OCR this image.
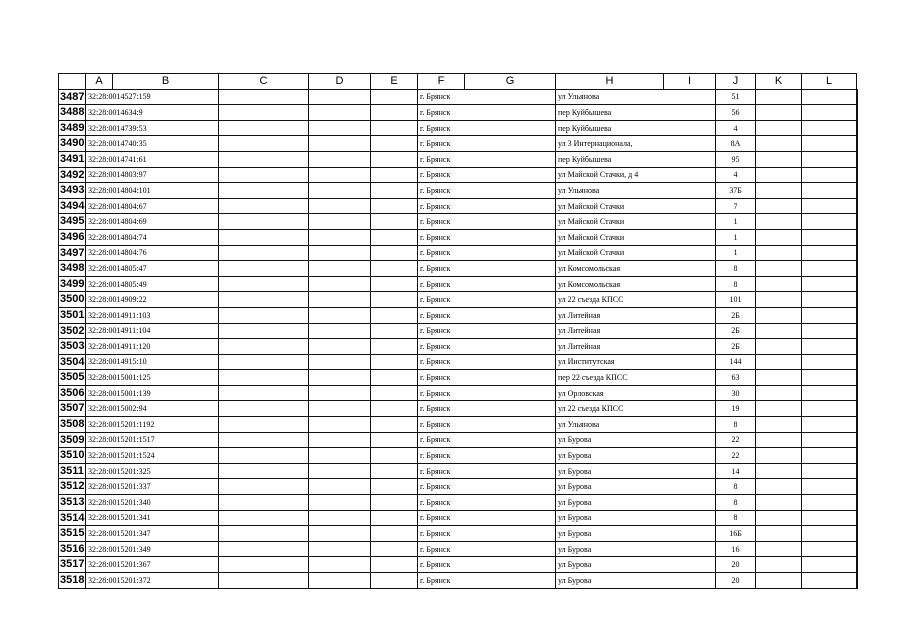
	A	B	C	D	E	F	G	H	I	J	K	L	

3487	32:28:0014527:159					г. Брянск		ул Ульянова		51			

3488	32:28:0014634:9					г. Брянск		пер Куйбышева		56			

3489	32:28:0014739:53					г. Брянск		пер Куйбышева		4			

3490	32:28:0014740:35					г. Брянск		ул 3 Интернационала,		8А			

3491	32:28:0014741:61					г. Брянск		пер Куйбышева		95			

3492	32:28:0014803:97					г. Брянск		ул Майской Стачки, д 4		4			

3493	32:28:0014804:101					г. Брянск		ул Ульянова		37Б			

3494	32:28:0014804:67					г. Брянск		ул Майской Стачки		7			

3495	32:28:0014804:69					г. Брянск		ул Майской Стачки		1			

3496	32:28:0014804:74					г. Брянск		ул Майской Стачки		1			

3497	32:28:0014804:76					г. Брянск		ул Майской Стачки		1			

3498	32:28:0014805:47					г. Брянск		ул Комсомольская		8			

3499	32:28:0014805:49					г. Брянск		ул Комсомольская		8			

3500	32:28:0014909:22					г. Брянск		ул 22 съезда КПСС		101			

3501	32:28:0014911:103					г. Брянск		ул Литейная		2Б			

3502	32:28:0014911:104					г. Брянск		ул Литейная		2Б			

3503	32:28:0014911:120					г. Брянск		ул Литейная		2Б			

3504	32:28:0014915:10					г. Брянск		ул Институтская		144			

3505	32:28:0015001:125					г. Брянск		пер 22 съезда КПСС		63			

3506	32:28:0015001:139					г. Брянск		ул Орловская		30			

3507	32:28:0015002:94					г. Брянск		ул 22 съезда КПСС		19			

3508	32:28:0015201:1192					г. Брянск		ул Ульянова		8			

3509	32:28:0015201:1517					г. Брянск		ул Бурова		22			

3510	32:28:0015201:1524					г. Брянск		ул Бурова		22			

3511	32:28:0015201:325					г. Брянск		ул Бурова		14			

3512	32:28:0015201:337					г. Брянск		ул Бурова		8			

3513	32:28:0015201:340					г. Брянск		ул Бурова		8			

3514	32:28:0015201:341					г. Брянск		ул Бурова		8			

3515	32:28:0015201:347					г. Брянск		ул Бурова		16Б			

3516	32:28:0015201:349					г. Брянск		ул Бурова		16			

3517	32:28:0015201:367					г. Брянск		ул Бурова		20			

3518	32:28:0015201:372					г. Брянск		ул Бурова		20			
